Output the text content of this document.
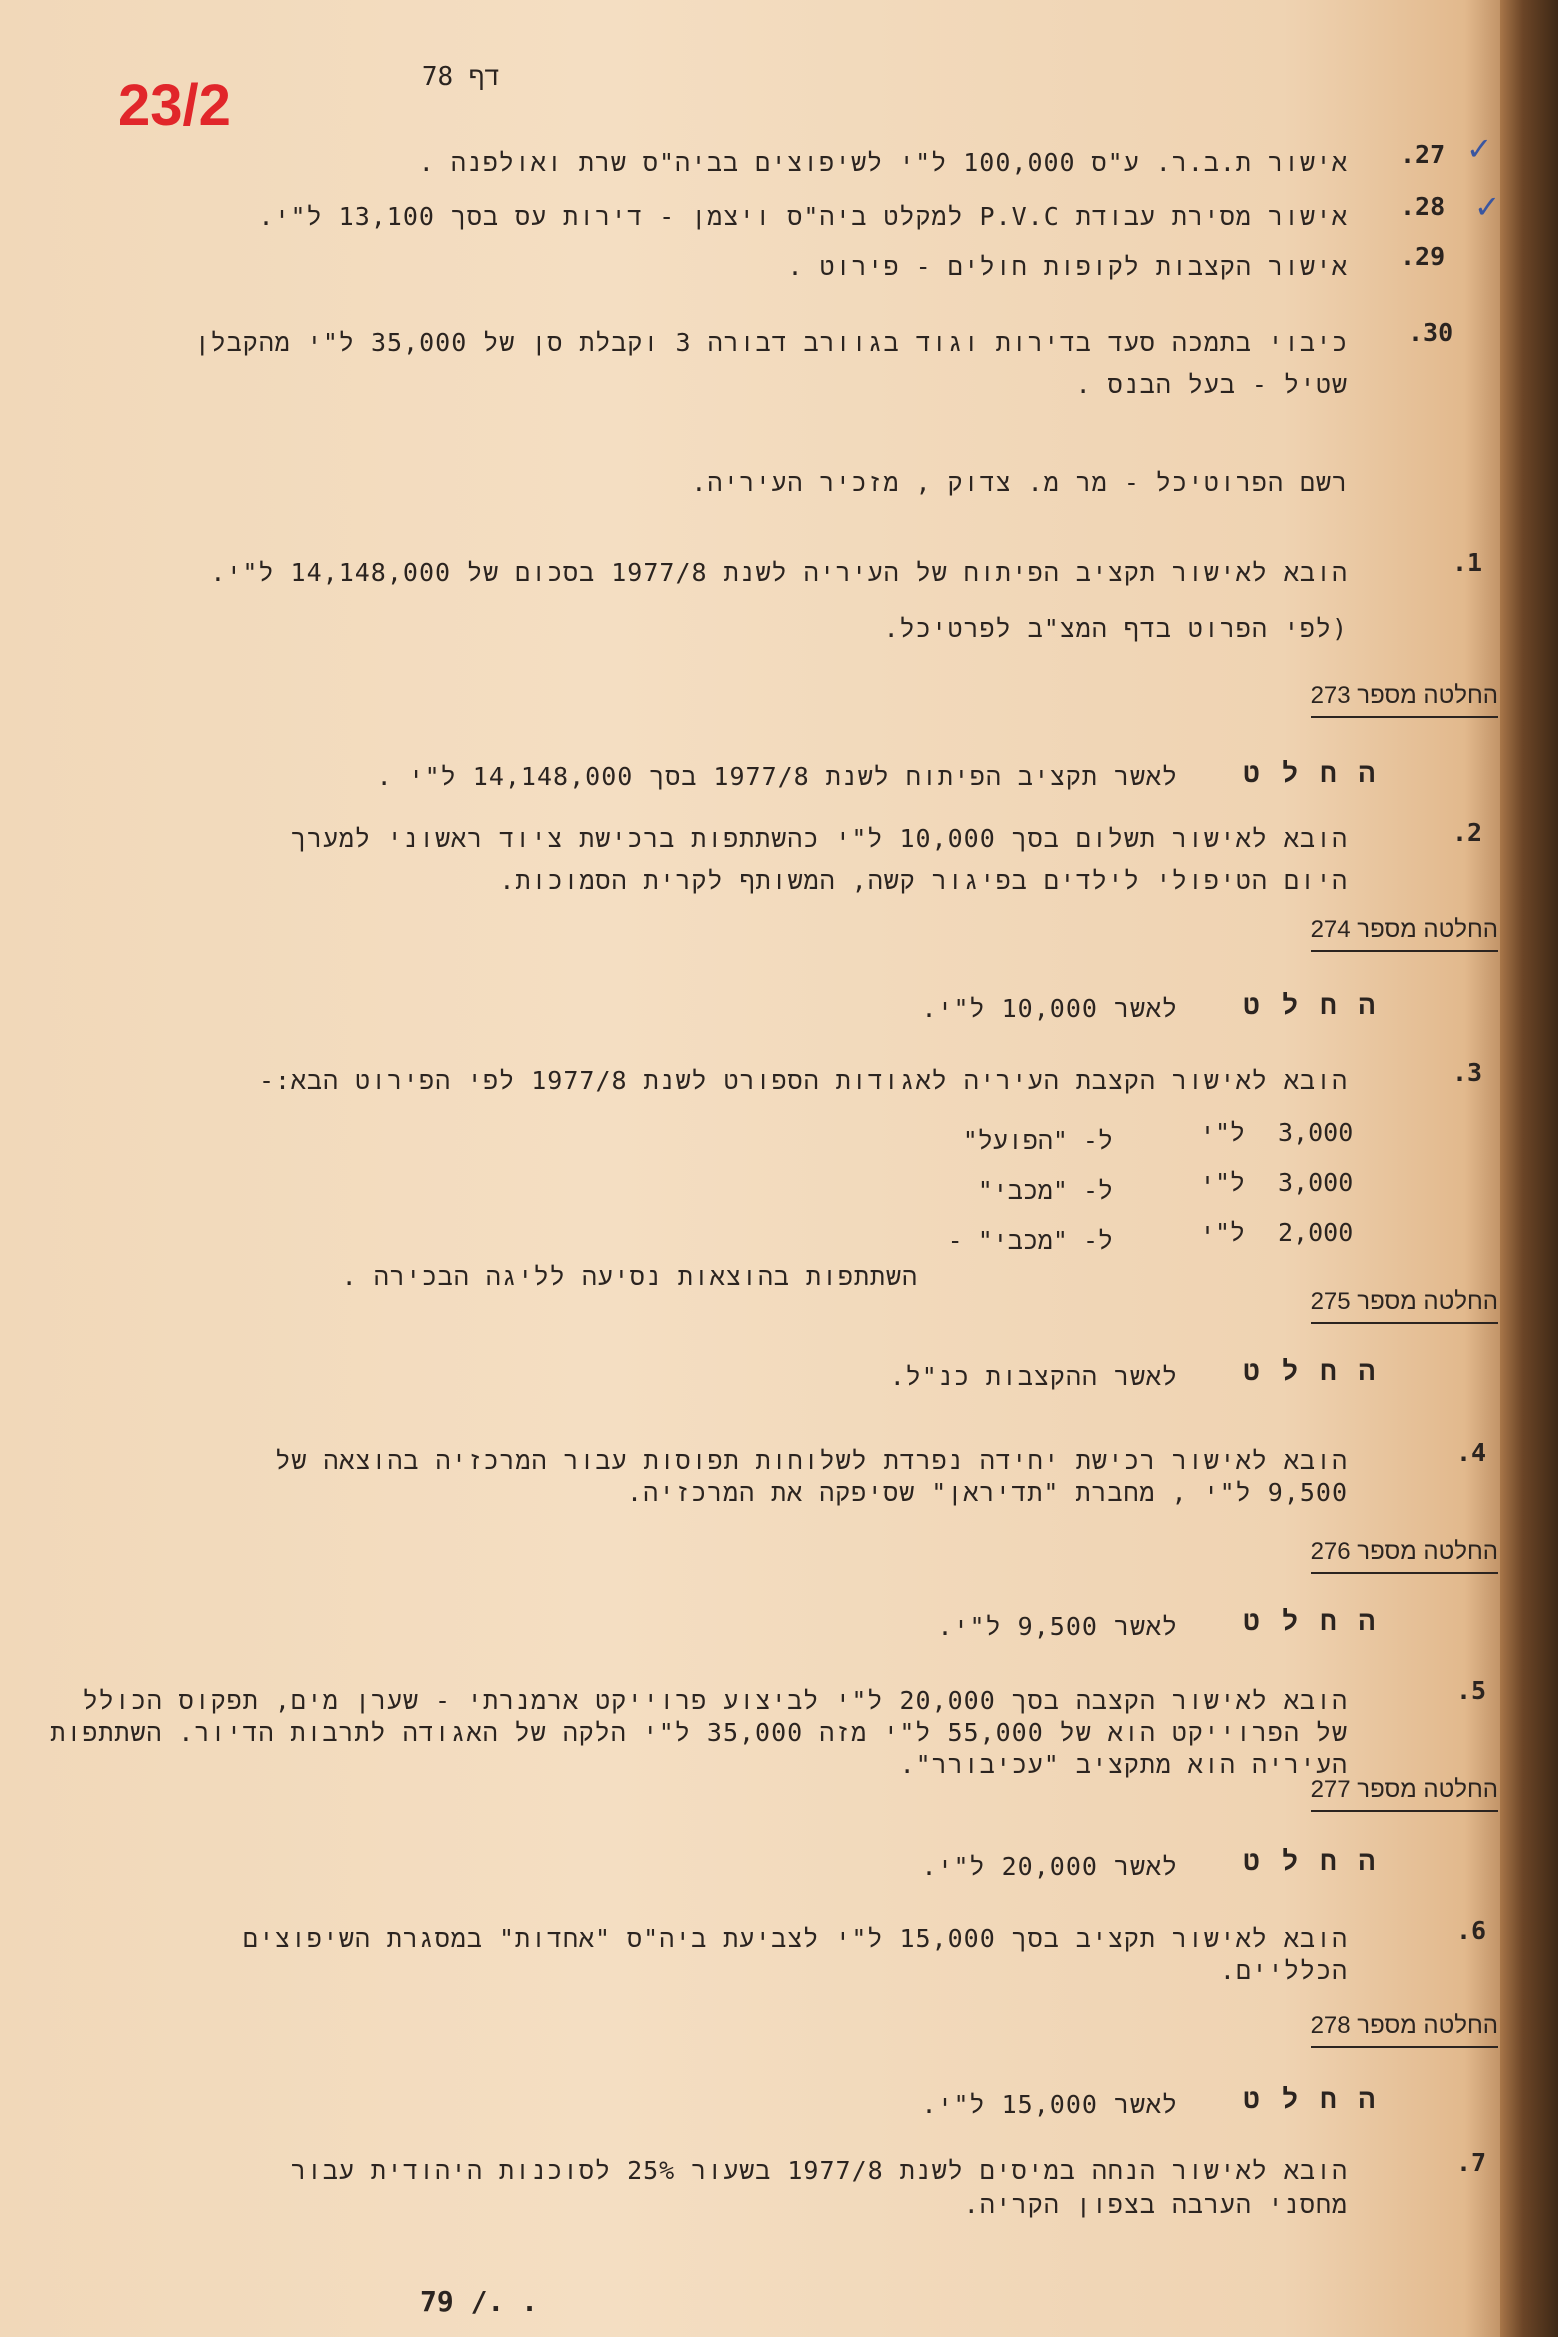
23/2	דף 78
✓
✓
.27
אישור ת.ב.ר. ע"ס 100,000 ל"י לשיפוצים בביה"ס שרת ואולפנה .
.28
אישור מסירת עבודת P.V.C למקלט ביה"ס ויצמן - דירות עס בסך 13,100 ל"י.
.29
אישור הקצבות לקופות חולים - פירוט .
.30
כיבוי בתמכה סעד בדירות וגוד בגוורב דבורה 3 וקבלת סן של 35,000 ל"י מהקבלן
שטיל - בעל הבנס .
רשם הפרוטיכל - מר מ. צדוק , מזכיר העיריה.
.1
הובא לאישור תקציב הפיתוח של העיריה לשנת 1977/8 בסכום של 14,148,000 ל"י.
(לפי הפרוט בדף המצ"ב לפרטיכל.
החלטה מספר 273
ה ח ל ט
לאשר תקציב הפיתוח לשנת 1977/8 בסך 14,148,000 ל"י .
.2
הובא לאישור תשלום בסך 10,000 ל"י כהשתתפות ברכישת ציוד ראשוני למערך
היום הטיפולי לילדים בפיגור קשה, המשותף לקרית הסמוכות.
החלטה מספר 274
ה ח ל ט
לאשר 10,000 ל"י.
.3
הובא לאישור הקצבת העיריה לאגודות הספורט לשנת 1977/8 לפי הפירוט הבא:-
3,000
ל"י
ל- "הפועל"
3,000
ל"י
ל- "מכבי"
2,000
ל"י
ל- "מכבי" -
השתתפות בהוצאות נסיעה לליגה הבכירה .
החלטה מספר 275
ה ח ל ט
לאשר ההקצבות כנ"ל.
.4
הובא לאישור רכישת יחידה נפרדת לשלוחות תפוסות עבור המרכזיה בהוצאה של
9,500 ל"י , מחברת "תדיראן" שסיפקה את המרכזיה.
החלטה מספר 276
ה ח ל ט
לאשר 9,500 ל"י.
.5
הובא לאישור הקצבה בסך 20,000 ל"י לביצוע פרוייקט ארמנרתי - שערן מים, תפקוס הכולל
של הפרוייקט הוא של 55,000 ל"י מזה 35,000 ל"י הלקה של האגודה לתרבות הדיור. השתתפות
העיריה הוא מתקציב "עכיבורר".
החלטה מספר 277
ה ח ל ט
לאשר 20,000 ל"י.
.6
הובא לאישור תקציב בסך 15,000 ל"י לצביעת ביה"ס "אחדות" במסגרת השיפוצים
הכלליים.
החלטה מספר 278
ה ח ל ט
לאשר 15,000 ל"י.
.7
הובא לאישור הנחה במיסים לשנת 1977/8 בשעור 25% לסוכנות היהודית עבור
מחסני הערבה בצפון הקריה.
79 /. .
